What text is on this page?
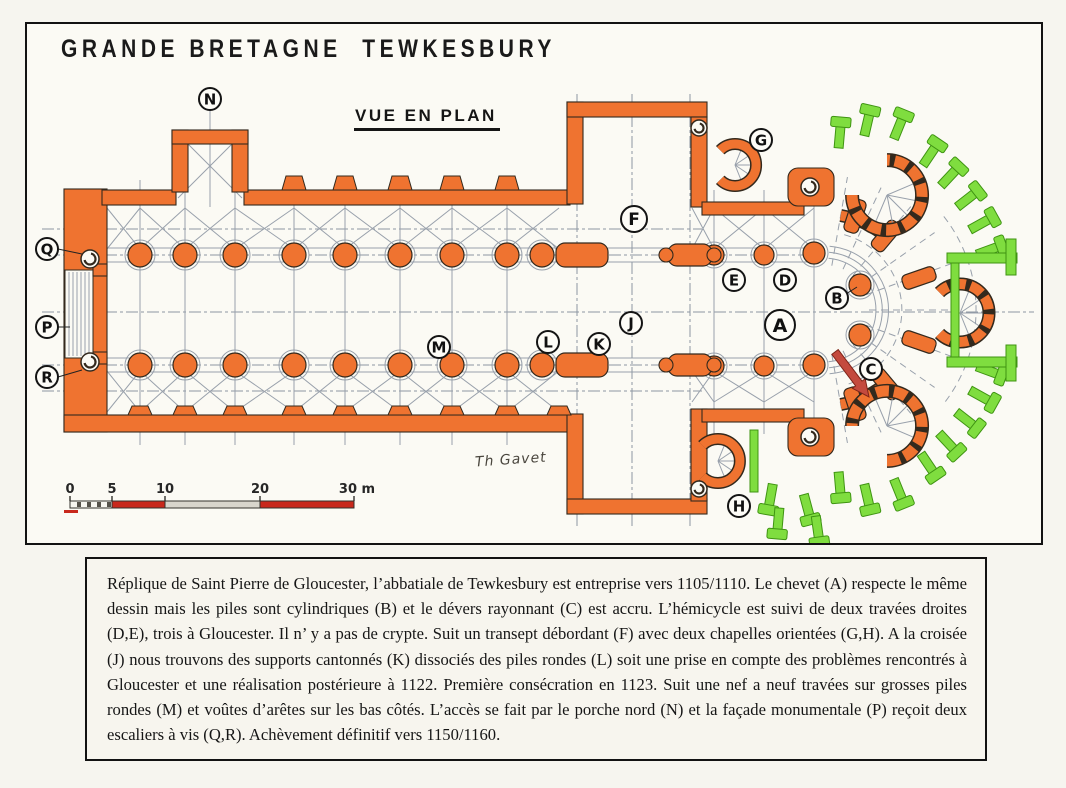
0	5	10	20	30 m
N
Q
P
R
M	L	K
J
F
E	D
B
A
C
G
H
GRANDE BRETAGNE  TEWKESBURY
VUE EN PLAN
Th Gavet

Réplique de Saint Pierre de Gloucester, l’abbatiale de Tewkesbury est entreprise vers 1105/1110. Le chevet (A) respecte le même dessin mais les piles sont cylindriques (B) et le dévers rayonnant (C) est accru. L’hémicycle est suivi de deux travées droites (D,E), trois à Gloucester. Il n’ y a pas de crypte. Suit un transept débordant (F) avec deux chapelles orientées (G,H). A la croisée (J) nous trouvons des supports cantonnés (K) dissociés des piles rondes (L) soit une prise en compte des problèmes rencontrés à Gloucester et une réalisation postérieure à 1122. Première consécration en 1123. Suit une nef a neuf travées sur grosses piles rondes (M) et voûtes d’arêtes sur les bas côtés. L’accès se fait par le porche nord (N) et la façade monumentale (P) reçoit deux escaliers à vis (Q,R). Achèvement définitif vers 1150/1160.
